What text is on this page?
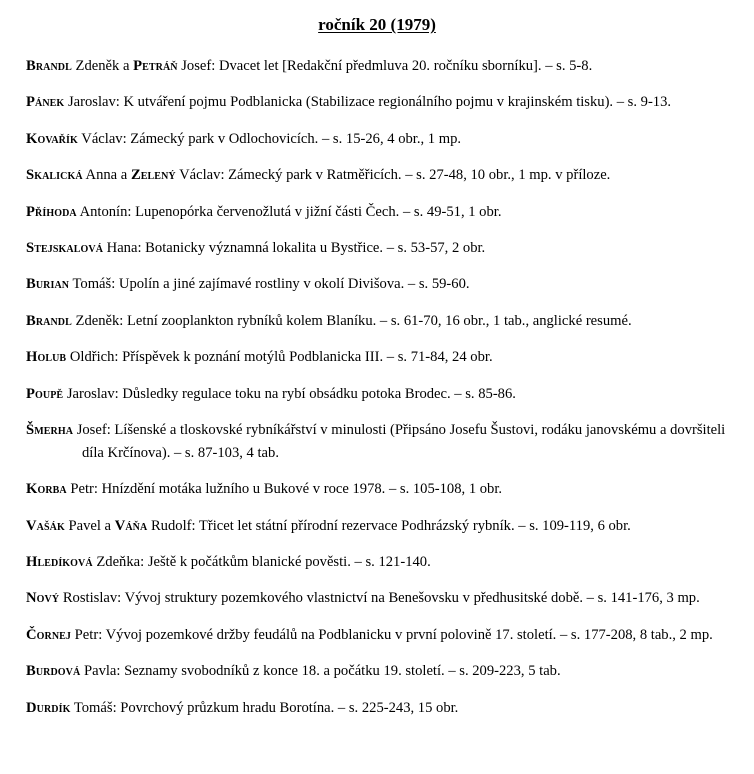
ročník 20 (1979)
Brandl Zdeněk a Petráň Josef: Dvacet let [Redakční předmluva 20. ročníku sborníku]. – s. 5-8.
Pánek Jaroslav: K utváření pojmu Podblanicka (Stabilizace regionálního pojmu v krajinském tisku). – s. 9-13.
Kovařík Václav: Zámecký park v Odlochovicích. – s. 15-26, 4 obr., 1 mp.
Skalická Anna a Zelený Václav: Zámecký park v Ratměřicích. – s. 27-48, 10 obr., 1 mp. v příloze.
Příhoda Antonín: Lupenopórka červenožlutá v jižní části Čech. – s. 49-51, 1 obr.
Stejskalová Hana: Botanicky významná lokalita u Bystřice. – s. 53-57, 2 obr.
Burian Tomáš: Upolín a jiné zajímavé rostliny v okolí Divišova. – s. 59-60.
Brandl Zdeněk: Letní zooplankton rybníků kolem Blaníku. – s. 61-70, 16 obr., 1 tab., anglické resumé.
Holub Oldřich: Příspěvek k poznání motýlů Podblanicka III. – s. 71-84, 24 obr.
Poupě Jaroslav: Důsledky regulace toku na rybí obsádku potoka Brodec. – s. 85-86.
Šmerha Josef: Líšenské a tloskovské rybníkářství v minulosti (Připsáno Josefu Šustovi, rodáku janovskému a dovršiteli díla Krčínova). – s. 87-103, 4 tab.
Korba Petr: Hnízdění motáka lužního u Bukové v roce 1978. – s. 105-108, 1 obr.
Vašák Pavel a Váňa Rudolf: Třicet let státní přírodní rezervace Podhrázský rybník. – s. 109-119, 6 obr.
Hledíková Zdeňka: Ještě k počátkům blanické pověsti. – s. 121-140.
Nový Rostislav: Vývoj struktury pozemkového vlastnictví na Benešovsku v předhusitské době. – s. 141-176, 3 mp.
Čornej Petr: Vývoj pozemkové držby feudálů na Podblanicku v první polovině 17. století. – s. 177-208, 8 tab., 2 mp.
Burdová Pavla: Seznamy svobodníků z konce 18. a počátku 19. století. – s. 209-223, 5 tab.
Durdík Tomáš: Povrchový průzkum hradu Borotína. – s. 225-243, 15 obr.
